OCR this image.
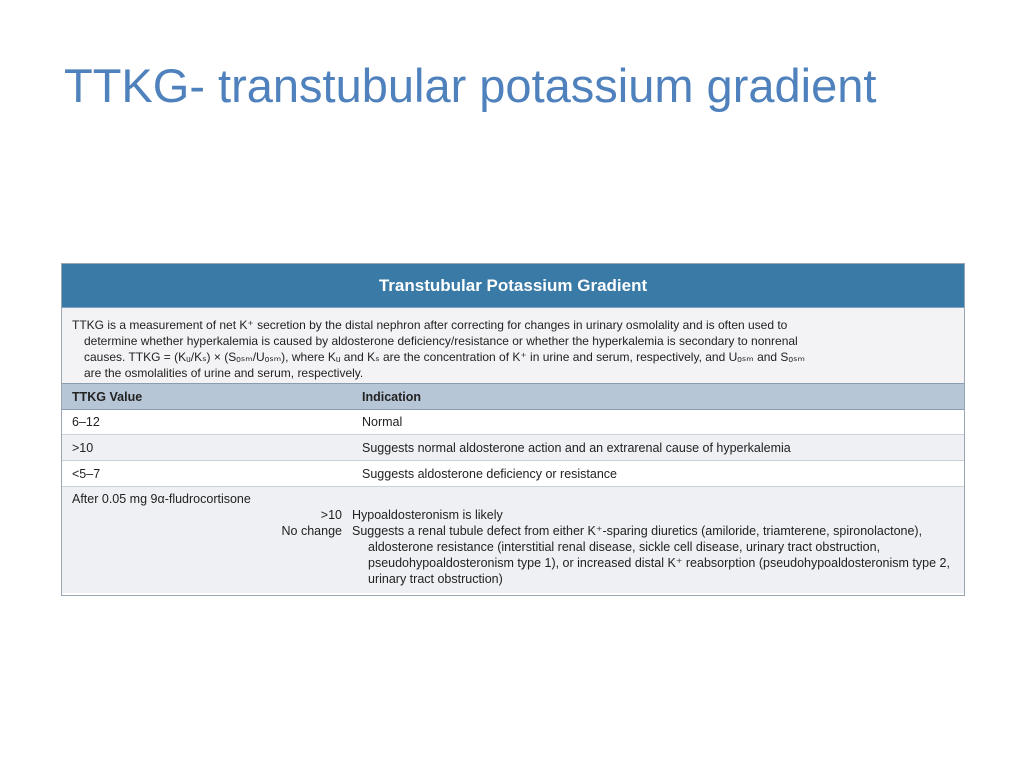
TTKG- transtubular potassium gradient
Transtubular Potassium Gradient
TTKG is a measurement of net K⁺ secretion by the distal nephron after correcting for changes in urinary osmolality and is often used to
determine whether hyperkalemia is caused by aldosterone deficiency/resistance or whether the hyperkalemia is secondary to nonrenal
causes. TTKG = (Kᵤ/Kₛ) × (Sₒₛₘ/Uₒₛₘ), where Kᵤ and Kₛ are the concentration of K⁺ in urine and serum, respectively, and Uₒₛₘ and Sₒₛₘ
are the osmolalities of urine and serum, respectively.
TTKG Value	Indication
6–12	Normal
>10	Suggests normal aldosterone action and an extrarenal cause of hyperkalemia
<5–7	Suggests aldosterone deficiency or resistance
After 0.05 mg 9α-fludrocortisone
>10 Hypoaldosteronism is likely
No change Suggests a renal tubule defect from either K⁺-sparing diuretics (amiloride, triamterene, spironolactone), aldosterone resistance (interstitial renal disease, sickle cell disease, urinary tract obstruction, pseudohypoaldosteronism type 1), or increased distal K⁺ reabsorption (pseudohypoaldosteronism type 2, urinary tract obstruction)
